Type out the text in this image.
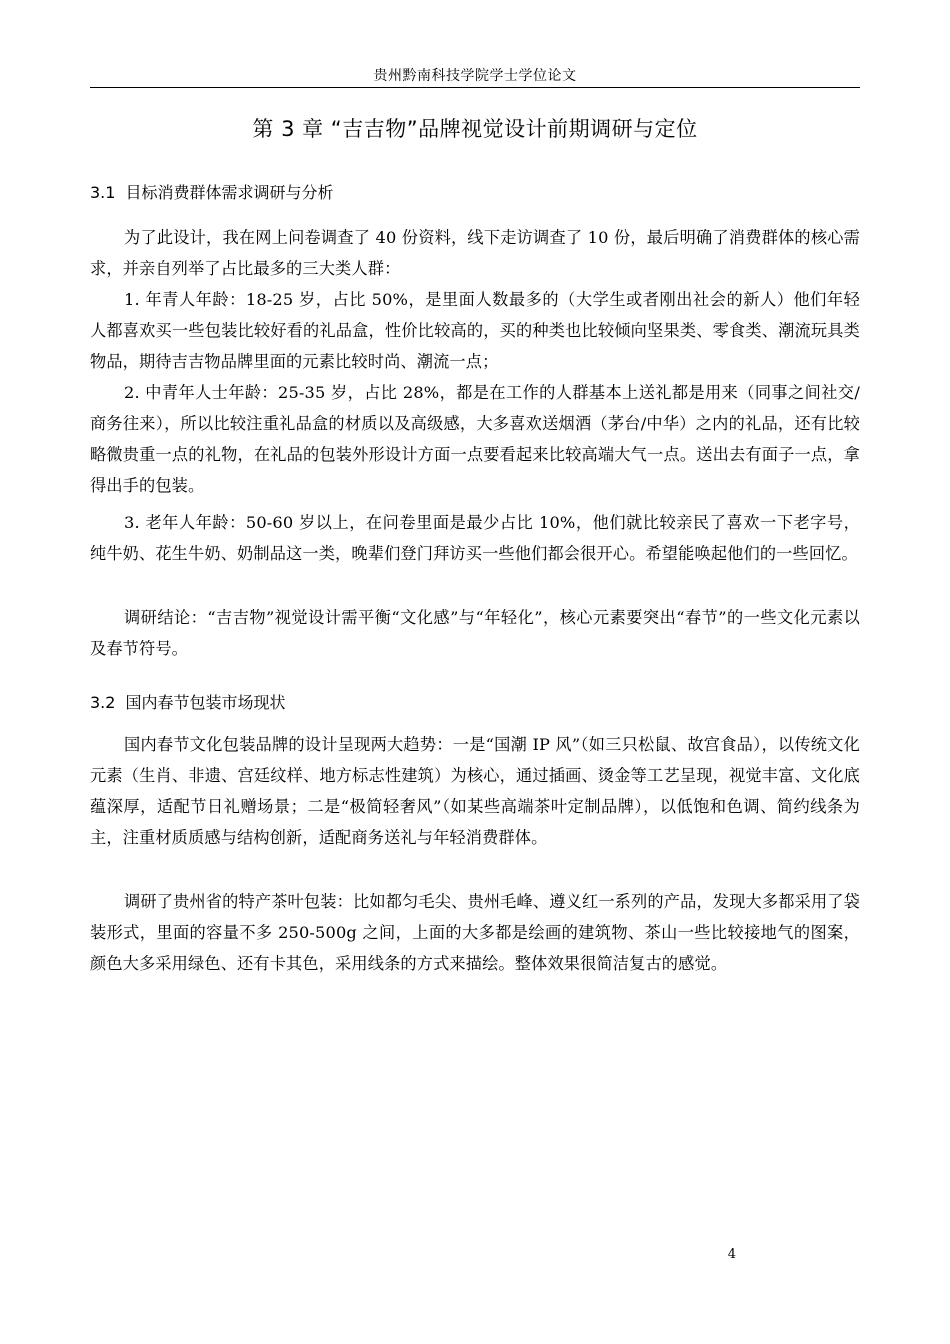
贵州黔南科技学院学士学位论文
第 3 章 “吉吉物”品牌视觉设计前期调研与定位
3.1 目标消费群体需求调研与分析

为了此设计，我在网上问卷调查了 40 份资料，线下走访调查了 10 份，最后明确了消费群体的核心需求，并亲自列举了占比最多的三大类人群：

1. 年青人年龄：18-25 岁，占比 50%，是里面人数最多的（大学生或者刚出社会的新人）他们年轻人都喜欢买一些包装比较好看的礼品盒，性价比较高的，买的种类也比较倾向坚果类、零食类、潮流玩具类物品，期待吉吉物品牌里面的元素比较时尚、潮流一点；

2. 中青年人士年龄：25-35 岁，占比 28%，都是在工作的人群基本上送礼都是用来（同事之间社交/商务往来），所以比较注重礼品盒的材质以及高级感，大多喜欢送烟酒（茅台/中华）之内的礼品，还有比较略微贵重一点的礼物，在礼品的包装外形设计方面一点要看起来比较高端大气一点。送出去有面子一点，拿得出手的包装。

3. 老年人年龄：50-60 岁以上，在问卷里面是最少占比 10%，他们就比较亲民了喜欢一下老字号，纯牛奶、花生牛奶、奶制品这一类，晚辈们登门拜访买一些他们都会很开心。希望能唤起他们的一些回忆。

调研结论：“吉吉物”视觉设计需平衡“文化感”与“年轻化”，核心元素要突出“春节”的一些文化元素以及春节符号。

3.2 国内春节包装市场现状

国内春节文化包装品牌的设计呈现两大趋势：一是“国潮 IP 风”（如三只松鼠、故宫食品），以传统文化元素（生肖、非遗、宫廷纹样、地方标志性建筑）为核心，通过插画、烫金等工艺呈现，视觉丰富、文化底蕴深厚，适配节日礼赠场景；二是“极简轻奢风”（如某些高端茶叶定制品牌），以低饱和色调、简约线条为主，注重材质质感与结构创新，适配商务送礼与年轻消费群体。

调研了贵州省的特产茶叶包装：比如都匀毛尖、贵州毛峰、遵义红一系列的产品，发现大多都采用了袋装形式，里面的容量不多 250-500g 之间，上面的大多都是绘画的建筑物、茶山一些比较接地气的图案，颜色大多采用绿色、还有卡其色，采用线条的方式来描绘。整体效果很简洁复古的感觉。

4
